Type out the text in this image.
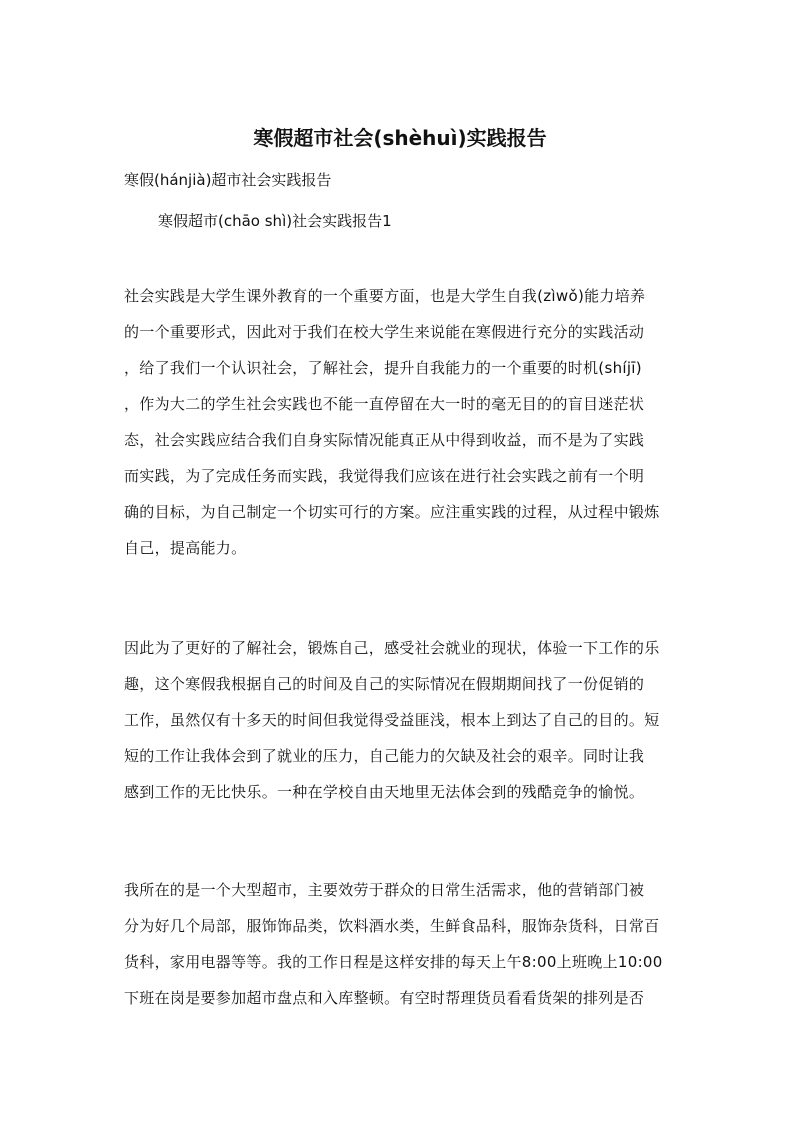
寒假超市社会(shèhuì)实践报告
寒假(hánjià)超市社会实践报告
寒假超市(chāo shì)社会实践报告1
社会实践是大学生课外教育的一个重要方面，也是大学生自我(zìwǒ)能力培养
的一个重要形式，因此对于我们在校大学生来说能在寒假进行充分的实践活动
，给了我们一个认识社会，了解社会，提升自我能力的一个重要的时机(shíjī)
，作为大二的学生社会实践也不能一直停留在大一时的毫无目的的盲目迷茫状
态，社会实践应结合我们自身实际情况能真正从中得到收益，而不是为了实践
而实践，为了完成任务而实践，我觉得我们应该在进行社会实践之前有一个明
确的目标，为自己制定一个切实可行的方案。应注重实践的过程，从过程中锻炼
自己，提高能力。
因此为了更好的了解社会，锻炼自己，感受社会就业的现状，体验一下工作的乐
趣，这个寒假我根据自己的时间及自己的实际情况在假期期间找了一份促销的
工作，虽然仅有十多天的时间但我觉得受益匪浅，根本上到达了自己的目的。短
短的工作让我体会到了就业的压力，自己能力的欠缺及社会的艰辛。同时让我
感到工作的无比快乐。一种在学校自由天地里无法体会到的残酷竞争的愉悦。
我所在的是一个大型超市，主要效劳于群众的日常生活需求，他的营销部门被
分为好几个局部，服饰饰品类，饮料酒水类，生鲜食品科，服饰杂货科，日常百
货科，家用电器等等。我的工作日程是这样安排的每天上午8:00上班晚上10:00
下班在岗是要参加超市盘点和入库整顿。有空时帮理货员看看货架的排列是否
